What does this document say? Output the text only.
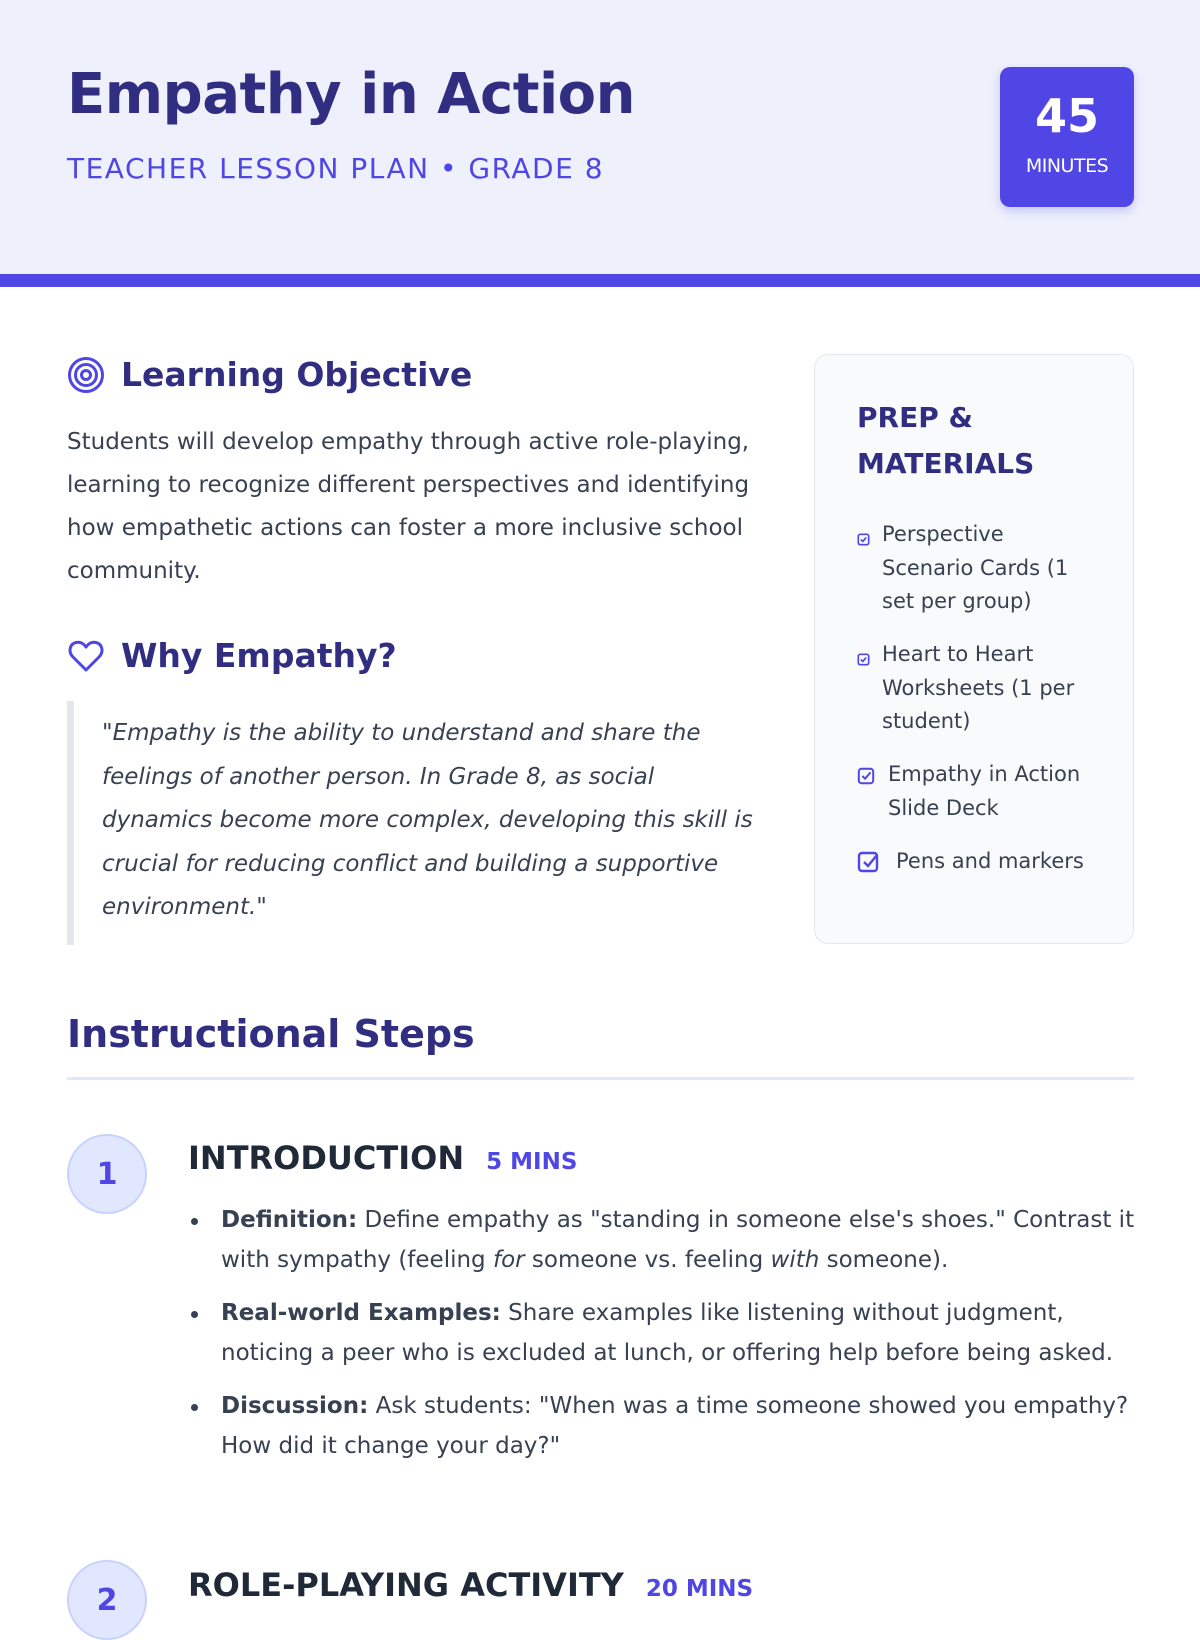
Empathy in Action
TEACHER LESSON PLAN • GRADE 8
45
MINUTES
Learning Objective

Students will develop empathy through active role-playing, learning to recognize different perspectives and identifying how empathetic actions can foster a more inclusive school community.

Why Empathy?
"Empathy is the ability to understand and share the feelings of another person. In Grade 8, as social dynamics become more complex, developing this skill is crucial for reducing conflict and building a supportive environment."
PREP & MATERIALS
Perspective Scenario Cards (1 set per group)
Heart to Heart Worksheets (1 per student)
Empathy in Action Slide Deck
Pens and markers
Instructional Steps
1	INTRODUCTION 5 MINS
Definition: Define empathy as "standing in someone else's shoes." Contrast it with sympathy (feeling for someone vs. feeling with someone).
Real-world Examples: Share examples like listening without judgment, noticing a peer who is excluded at lunch, or offering help before being asked.
Discussion: Ask students: "When was a time someone showed you empathy? How did it change your day?"
2	ROLE-PLAYING ACTIVITY 20 MINS
